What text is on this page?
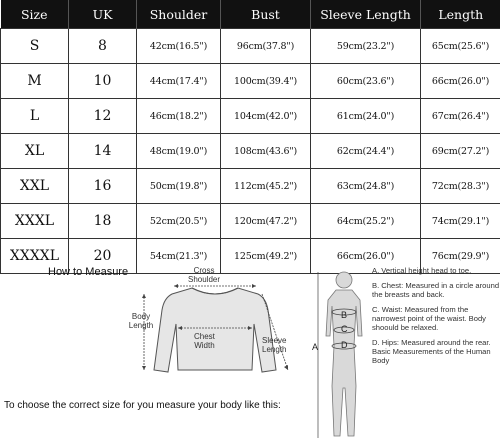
Size	UK	Shoulder	Bust	Sleeve Length	Length
S	8	42cm(16.5")	96cm(37.8")	59cm(23.2")	65cm(25.6")
M	10	44cm(17.4")	100cm(39.4")	60cm(23.6")	66cm(26.0")
L	12	46cm(18.2")	104cm(42.0")	61cm(24.0")	67cm(26.4")
XL	14	48cm(19.0")	108cm(43.6")	62cm(24.4")	69cm(27.2")
XXL	16	50cm(19.8")	112cm(45.2")	63cm(24.8")	72cm(28.3")
XXXL	18	52cm(20.5")	120cm(47.2")	64cm(25.2")	74cm(29.1")
XXXXL	20	54cm(21.3")	125cm(49.2")	66cm(26.0")	76cm(29.9")
How to Measure	Cross
Shoulder
Body
Length
Chest
Width
Sleeve
Length	A
B
C
D
A. Vertical height head to toe.
B. Chest: Measured in a circle around the breasts and back.
C. Waist: Measured from the narrowest point of the waist. Body shoould be relaxed.
D. Hips: Measured around the rear. Basic Measurements of the Human Body
To choose the correct size for you measure your body like this:
